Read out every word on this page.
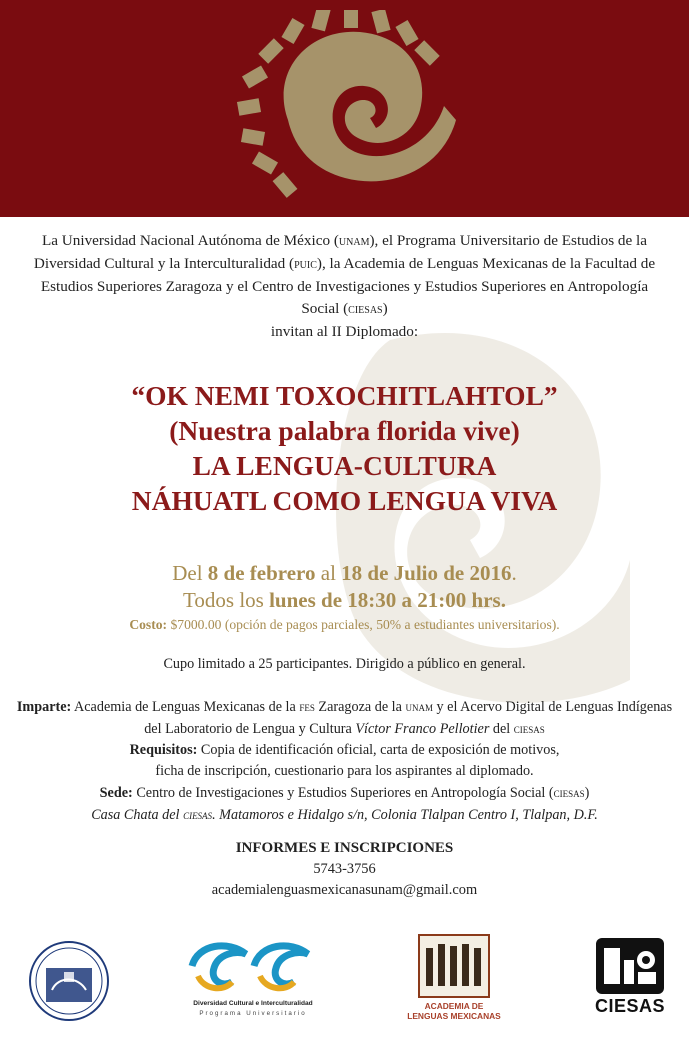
La Universidad Nacional Autónoma de México (unam), el Programa Universitario de Estudios de la Diversidad Cultural y la Interculturalidad (puic), la Academia de Lenguas Mexicanas de la Facultad de Estudios Superiores Zaragoza y el Centro de Investigaciones y Estudios Superiores en Antropología Social (ciesas)
invitan al II Diplomado:
“OK NEMI TOXOCHITLAHTOL”
(Nuestra palabra florida vive)
LA LENGUA-CULTURA
NÁHUATL COMO LENGUA VIVA
Del 8 de febrero al 18 de Julio de 2016.
Todos los lunes de 18:30 a 21:00 hrs.
Costo: $7000.00 (opción de pagos parciales, 50% a estudiantes universitarios).
Cupo limitado a 25 participantes. Dirigido a público en general.
Imparte: Academia de Lenguas Mexicanas de la fes Zaragoza de la unam y el Acervo Digital de Lenguas Indígenas del Laboratorio de Lengua y Cultura Víctor Franco Pellotier del ciesas
Requisitos: Copia de identificación oficial, carta de exposición de motivos,
ficha de inscripción, cuestionario para los aspirantes al diplomado.
Sede: Centro de Investigaciones y Estudios Superiores en Antropología Social (ciesas)
Casa Chata del ciesas. Matamoros e Hidalgo s/n, Colonia Tlalpan Centro I, Tlalpan, D.F.
INFORMES E INSCRIPCIONES
5743-3756
academialenguasmexicanasunam@gmail.com
Diversidad Cultural e Interculturalidad
Programa Universitario
ACADEMIA DE
LENGUAS MEXICANAS	CIESAS
